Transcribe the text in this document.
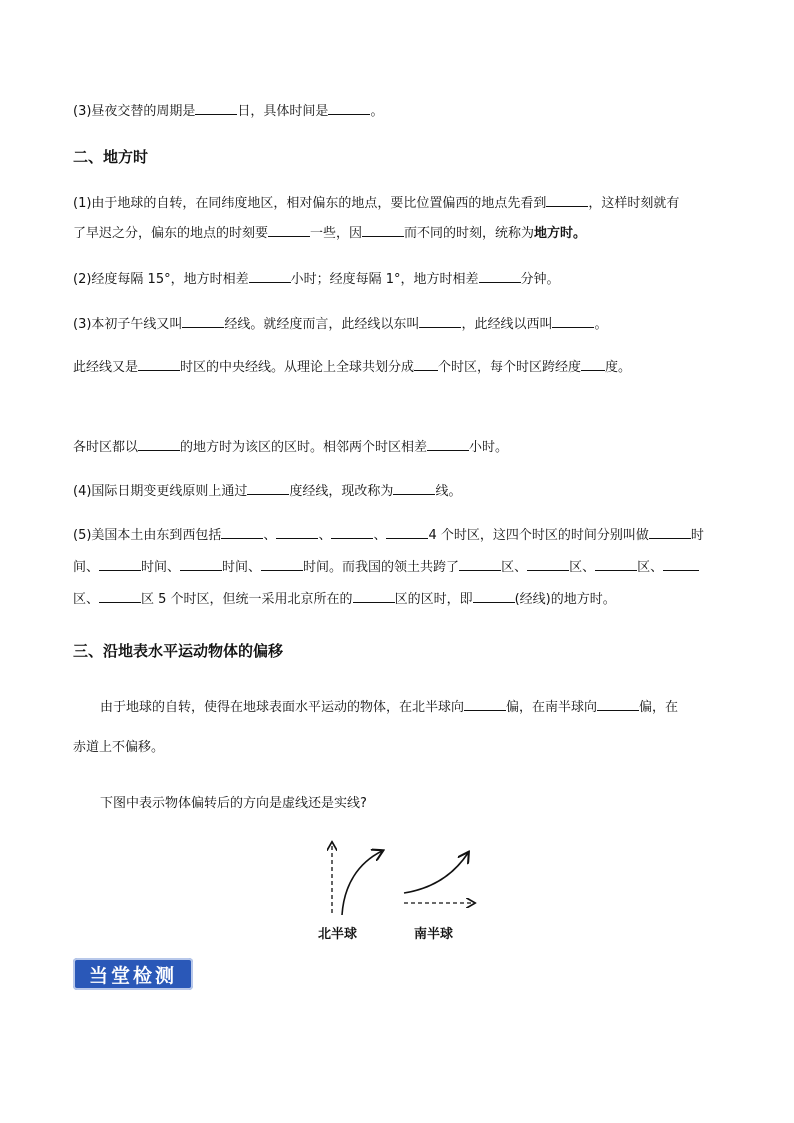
(3)昼夜交替的周期是	日，具体时间是	。
二、地方时
(1)由于地球的自转，在同纬度地区，相对偏东的地点，要比位置偏西的地点先看到	，这样时刻就有
了早迟之分，偏东的地点的时刻要	一些，因	而不同的时刻，统称为地方时。
(2)经度每隔 15°，地方时相差	小时；经度每隔 1°，地方时相差	分钟。
(3)本初子午线又叫	经线。就经度而言，此经线以东叫	，此经线以西叫	。
此经线又是	时区的中央经线。从理论上全球共划分成 个时区，每个时区跨经度 度。
各时区都以	的地方时为该区的区时。相邻两个时区相差	小时。
(4)国际日期变更线原则上通过	度经线，现改称为	线。
(5)美国本土由东到西包括	、	、	、	4 个时区，这四个时区的时间分别叫做	时
间、	时间、	时间、	时间。而我国的领土共跨了	区、	区、	区、
区、	区 5 个时区，但统一采用北京所在的	区的区时，即	(经线)的地方时。
三、沿地表水平运动物体的偏移
由于地球的自转，使得在地球表面水平运动的物体，在北半球向	偏，在南半球向	偏，在
赤道上不偏移。
下图中表示物体偏转后的方向是虚线还是实线?
北半球	南半球
当堂检测
